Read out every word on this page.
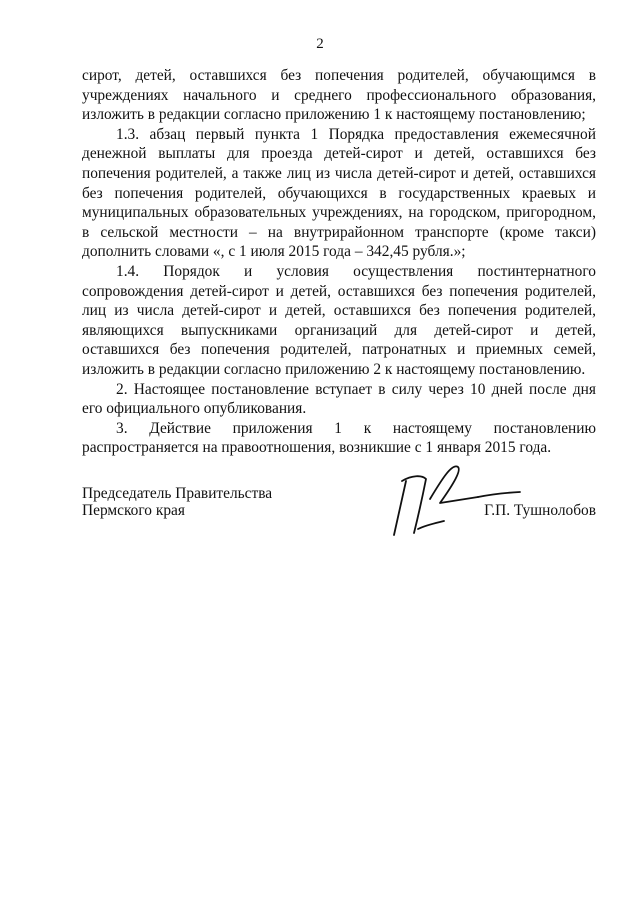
2

сирот, детей, оставшихся без попечения родителей, обучающимся в учреждениях начального и среднего профессионального образования, изложить в редакции согласно приложению 1 к настоящему постановлению;

1.3. абзац первый пункта 1 Порядка предоставления ежемесячной денежной выплаты для проезда детей-сирот и детей, оставшихся без попечения родителей, а также лиц из числа детей-сирот и детей, оставшихся без попечения родителей, обучающихся в государственных краевых и муниципальных образовательных учреждениях, на городском, пригородном, в сельской местности – на внутрирайонном транспорте (кроме такси) дополнить словами «, с 1 июля 2015 года – 342,45 рубля.»;

1.4. Порядок и условия осуществления постинтернатного сопровождения детей-сирот и детей, оставшихся без попечения родителей, лиц из числа детей-сирот и детей, оставшихся без попечения родителей, являющихся выпускниками организаций для детей-сирот и детей, оставшихся без попечения родителей, патронатных и приемных семей, изложить в редакции согласно приложению 2 к настоящему постановлению.

2. Настоящее постановление вступает в силу через 10 дней после дня его официального опубликования.

3. Действие приложения 1 к настоящему постановлению распространяется на правоотношения, возникшие с 1 января 2015 года.

Председатель Правительства
Пермского края	Г.П. Тушнолобов
